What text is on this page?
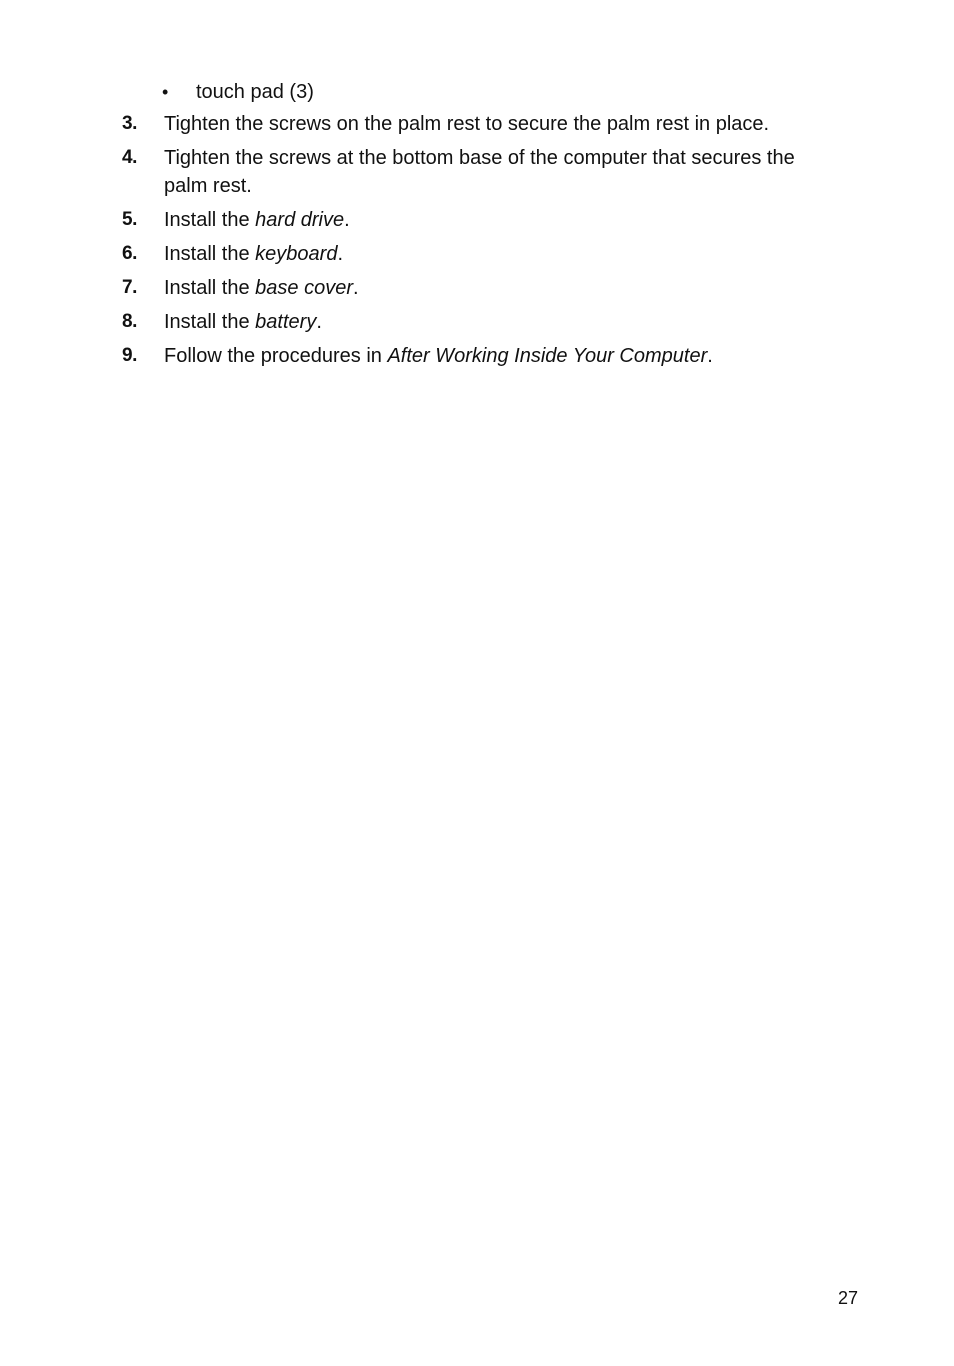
•	touch pad (3)
3.	Tighten the screws on the palm rest to secure the palm rest in place.
4.	Tighten the screws at the bottom base of the computer that secures the palm rest.
5.	Install the hard drive.
6.	Install the keyboard.
7.	Install the base cover.
8.	Install the battery.
9.	Follow the procedures in After Working Inside Your Computer.
27
